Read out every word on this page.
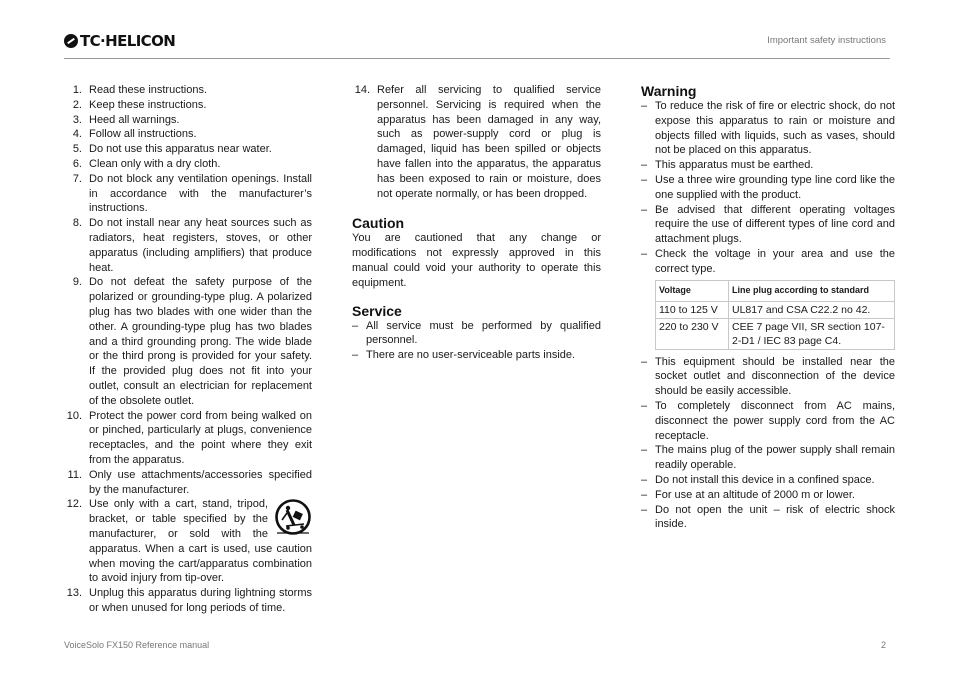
TC·HELICON	Important safety instructions
1. Read these instructions.
2. Keep these instructions.
3. Heed all warnings.
4. Follow all instructions.
5. Do not use this apparatus near water.
6. Clean only with a dry cloth.
7. Do not block any ventilation openings. Install in accordance with the manufacturer’s instructions.
8. Do not install near any heat sources such as radiators, heat registers, stoves, or other apparatus (including amplifiers) that produce heat.
9. Do not defeat the safety purpose of the polarized or grounding-type plug. A polarized plug has two blades with one wider than the other. A grounding-type plug has two blades and a third grounding prong. The wide blade or the third prong is provided for your safety. If the provided plug does not fit into your outlet, consult an electrician for replacement of the obsolete outlet.
10. Protect the power cord from being walked on or pinched, particularly at plugs, convenience receptacles, and the point where they exit from the apparatus.
11. Only use attachments/accessories specified by the manufacturer.
12. Use only with a cart, stand, tripod, bracket, or table specified by the manufacturer, or sold with the apparatus. When a cart is used, use caution when moving the cart/apparatus combination to avoid injury from tip-over.
13. Unplug this apparatus during lightning storms or when unused for long periods of time.
14. Refer all servicing to qualified service personnel. Servicing is required when the apparatus has been damaged in any way, such as power-supply cord or plug is damaged, liquid has been spilled or objects have fallen into the apparatus, the apparatus has been exposed to rain or moisture, does not operate normally, or has been dropped.
Caution

You are cautioned that any change or modifications not expressly approved in this manual could void your authority to operate this equipment.

Service
– All service must be performed by qualified personnel.
– There are no user-serviceable parts inside.
Warning
– To reduce the risk of fire or electric shock, do not expose this apparatus to rain or moisture and objects filled with liquids, such as vases, should not be placed on this apparatus.
– This apparatus must be earthed.
– Use a three wire grounding type line cord like the one supplied with the product.
– Be advised that different operating voltages require the use of different types of line cord and attachment plugs.
– Check the voltage in your area and use the correct type.
Voltage	Line plug according to standard
110 to 125 V	UL817 and CSA C22.2 no 42.
220 to 230 V	CEE 7 page VII, SR section 107-2-D1 / IEC 83 page C4.
– This equipment should be installed near the socket outlet and disconnection of the device should be easily accessible.
– To completely disconnect from AC mains, disconnect the power supply cord from the AC receptacle.
– The mains plug of the power supply shall remain readily operable.
– Do not install this device in a confined space.
– For use at an altitude of 2000 m or lower.
– Do not open the unit – risk of electric shock inside.
VoiceSolo FX150 Reference manual	2
